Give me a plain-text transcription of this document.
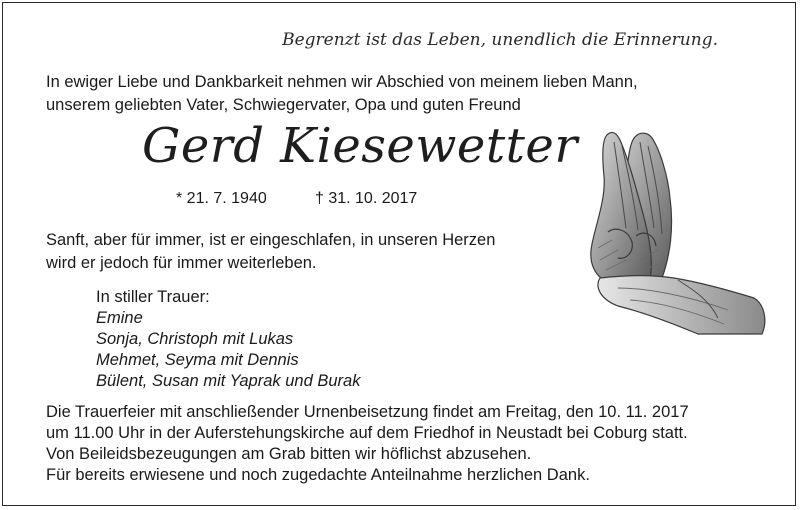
Begrenzt ist das Leben, unendlich die Erinnerung.
In ewiger Liebe und Dankbarkeit nehmen wir Abschied von meinem lieben Mann,
unserem geliebten Vater, Schwiegervater, Opa und guten Freund
Gerd Kiesewetter
* 21. 7. 1940	† 31. 10. 2017
Sanft, aber für immer, ist er eingeschlafen, in unseren Herzen
wird er jedoch für immer weiterleben.
In stiller Trauer:
Emine
Sonja, Christoph mit Lukas
Mehmet, Seyma mit Dennis
Bülent, Susan mit Yaprak und Burak
Die Trauerfeier mit anschließender Urnenbeisetzung findet am Freitag, den 10. 11. 2017
um 11.00 Uhr in der Auferstehungskirche auf dem Friedhof in Neustadt bei Coburg statt.
Von Beileidsbezeugungen am Grab bitten wir höflichst abzusehen.
Für bereits erwiesene und noch zugedachte Anteilnahme herzlichen Dank.
